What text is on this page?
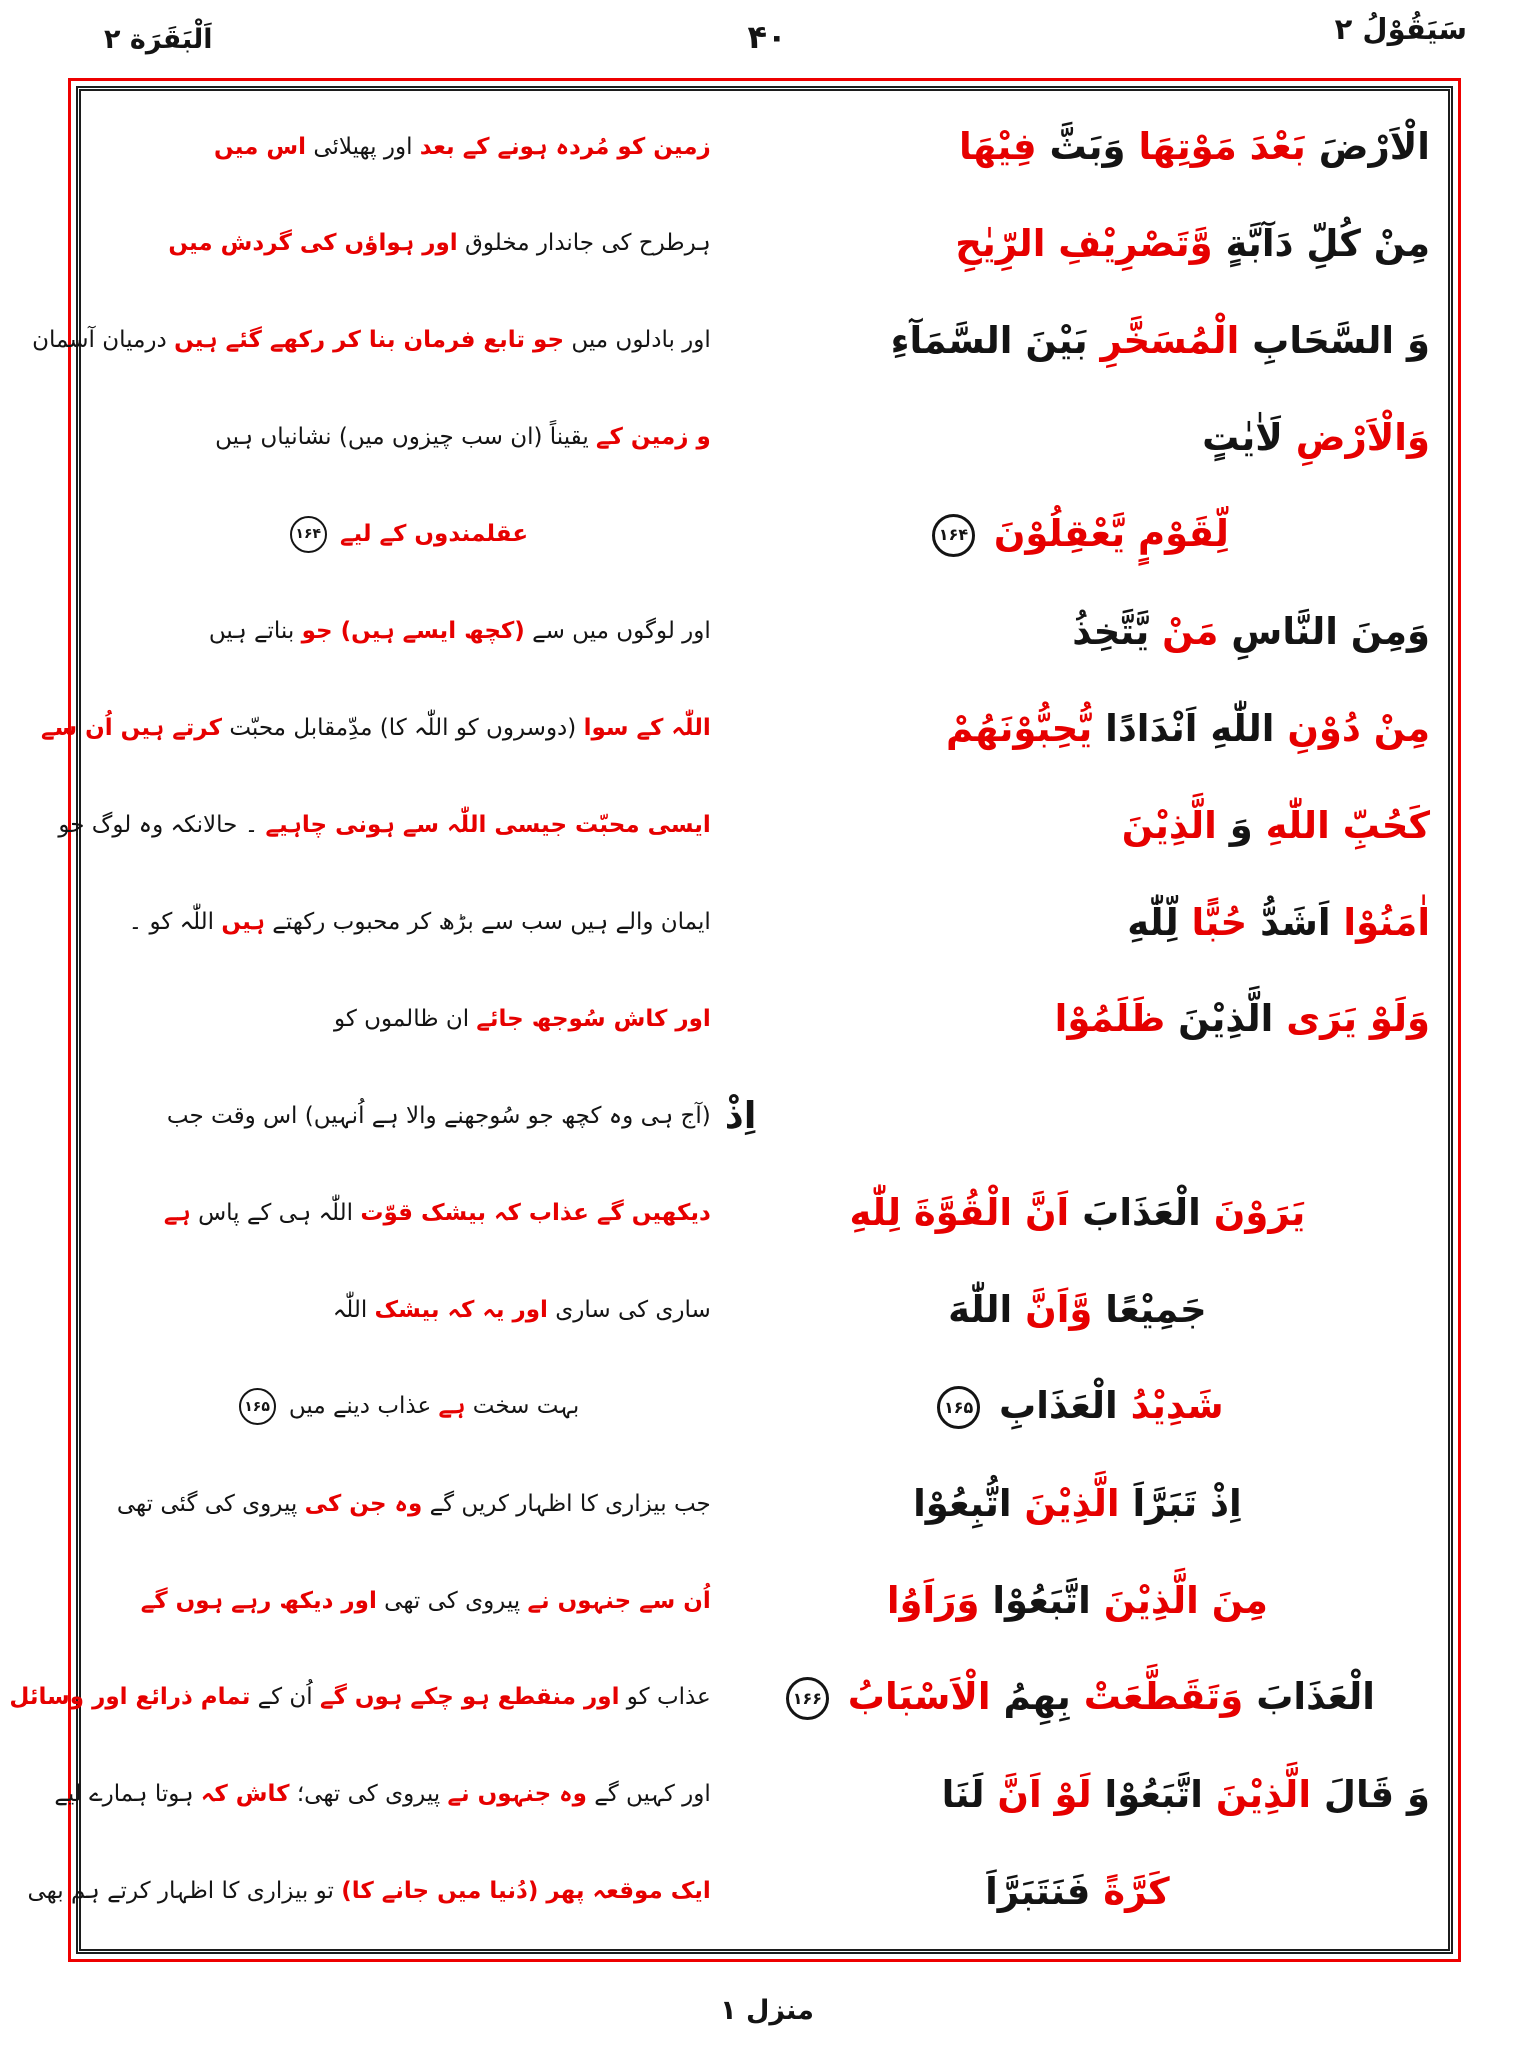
اَلْبَقَرَة ۲	۴۰	سَيَقُوْلُ ۲
الْاَرْضَ بَعْدَ مَوْتِهَا وَبَثَّ فِيْهَا
زمین کو مُردہ ہونے کے بعد اور پھیلائی اس میں
مِنْ كُلِّ دَآبَّةٍ وَّتَصْرِيْفِ الرِّيٰحِ
ہرطرح کی جاندار مخلوق اور ہواؤں کی گردش میں
وَ السَّحَابِ الْمُسَخَّرِ بَيْنَ السَّمَآءِ
اور بادلوں میں جو تابع فرمان بنا کر رکھے گئے ہیں درمیان آسمان
وَالْاَرْضِ لَاٰيٰتٍ
و زمین کے یقیناً (ان سب چیزوں میں) نشانیاں ہیں
لِّقَوْمٍ يَّعْقِلُوْنَ ۱۶۴
عقلمندوں کے لیے ۱۶۴
وَمِنَ النَّاسِ مَنْ يَّتَّخِذُ
اور لوگوں میں سے (کچھ ایسے ہیں) جو بناتے ہیں
مِنْ دُوْنِ اللّٰهِ اَنْدَادًا يُّحِبُّوْنَهُمْ
اللّٰہ کے سوا (دوسروں کو اللّٰہ کا) مدِّمقابل محبّت کرتے ہیں اُن سے
كَحُبِّ اللّٰهِ وَ الَّذِيْنَ
ایسی محبّت جیسی اللّٰہ سے ہونی چاہیے ۔ حالانکہ وہ لوگ جو
اٰمَنُوْا اَشَدُّ حُبًّا لِّلّٰهِ
ایمان والے ہیں سب سے بڑھ کر محبوب رکھتے ہیں اللّٰہ کو ۔
وَلَوْ يَرَى الَّذِيْنَ ظَلَمُوْا
اور کاش سُوجھ جائے ان ظالموں کو
اِذْ
(آج ہی وہ کچھ جو سُوجھنے والا ہے اُنہیں) اس وقت جب
يَرَوْنَ الْعَذَابَ اَنَّ الْقُوَّةَ لِلّٰهِ
دیکھیں گے عذاب کہ بیشک قوّت اللّٰہ ہی کے پاس ہے
جَمِيْعًا وَّاَنَّ اللّٰهَ
ساری کی ساری اور یہ کہ بیشک اللّٰہ
شَدِيْدُ الْعَذَابِ ۱۶۵
بہت سخت ہے عذاب دینے میں ۱۶۵
اِذْ تَبَرَّاَ الَّذِيْنَ اتُّبِعُوْا
جب بیزاری کا اظہار کریں گے وہ جن کی پیروی کی گئی تھی
مِنَ الَّذِيْنَ اتَّبَعُوْا وَرَاَوُا
اُن سے جنہوں نے پیروی کی تھی اور دیکھ رہے ہوں گے
الْعَذَابَ وَتَقَطَّعَتْ بِهِمُ الْاَسْبَابُ ۱۶۶
عذاب کو اور منقطع ہو چکے ہوں گے اُن کے تمام ذرائع اور وسائل
وَ قَالَ الَّذِيْنَ اتَّبَعُوْا لَوْ اَنَّ لَنَا
اور کہیں گے وہ جنہوں نے پیروی کی تھی؛ کاش کہ ہوتا ہمارے لیے
كَرَّةً فَنَتَبَرَّاَ
ایک موقعہ پھر (دُنیا میں جانے کا) تو بیزاری کا اظہار کرتے ہم بھی
منزل ۱
